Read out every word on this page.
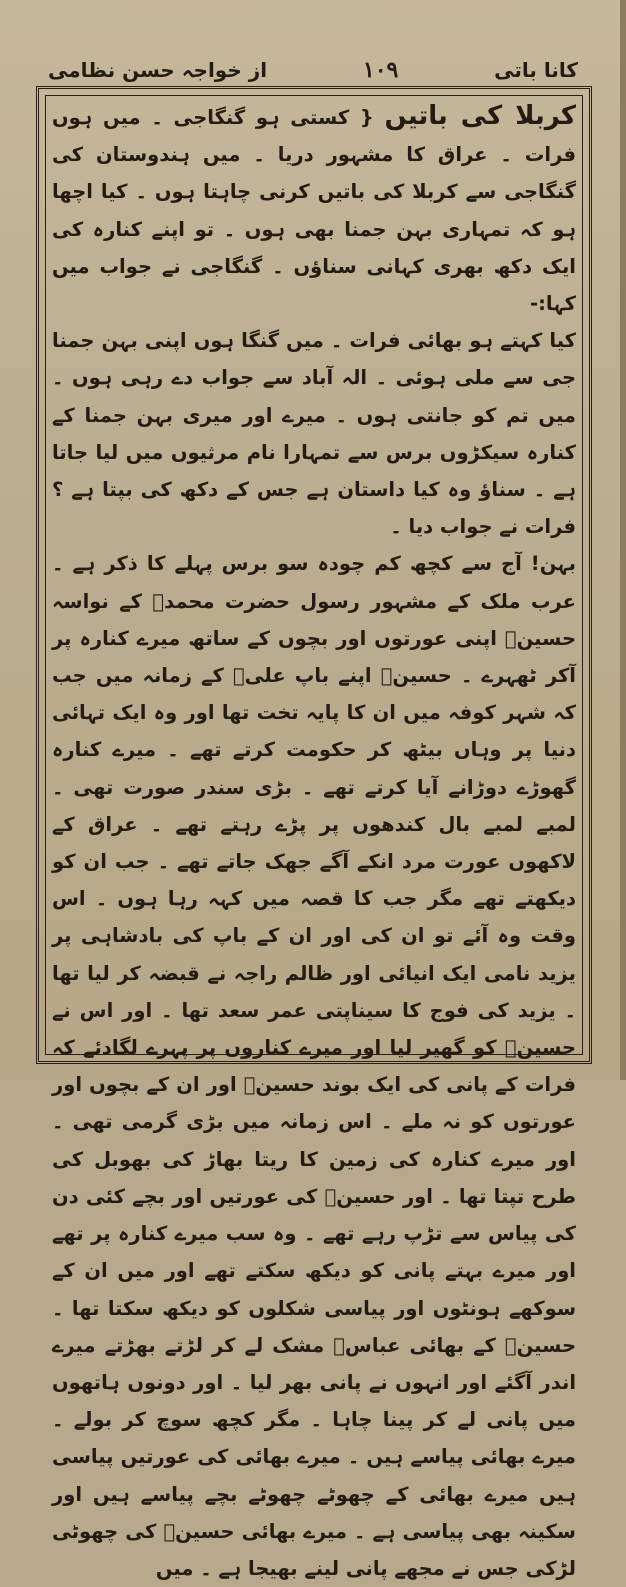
کانا باتی
۱۰۹
از خواجہ حسن نظامی

کربلا کی باتیں { کستی ہو گنگاجی ۔ میں ہوں فرات ۔ عراق کا مشہور دریا ۔ میں ہندوستان کی گنگاجی سے کربلا کی باتیں کرنی چاہتا ہوں ۔ کیا اچھا ہو کہ تمہاری بہن جمنا بھی ہوں ۔ تو اپنے کنارہ کی ایک دکھ بھری کہانی سناؤں ۔ گنگاجی نے جواب میں کہا:-

کیا کہتے ہو بھائی فرات ۔ میں گنگا ہوں اپنی بہن جمنا جی سے ملی ہوئی ۔ الہ آباد سے جواب دے رہی ہوں ۔ میں تم کو جانتی ہوں ۔ میرے اور میری بہن جمنا کے کنارہ سیکڑوں برس سے تمہارا نام مرثیوں میں لیا جاتا ہے ۔ سناؤ وہ کیا داستان ہے جس کے دکھ کی بپتا ہے ؟ فرات نے جواب دیا ۔

بہن! آج سے کچھ کم چودہ سو برس پہلے کا ذکر ہے ۔ عرب ملک کے مشہور رسول حضرت محمدؐ کے نواسہ حسینؓ اپنی عورتوں اور بچوں کے ساتھ میرے کنارہ پر آکر ٹھہرے ۔ حسینؓ اپنے باپ علیؓ کے زمانہ میں جب کہ شہر کوفہ میں ان کا پایہ تخت تھا اور وہ ایک تہائی دنیا پر وہاں بیٹھ کر حکومت کرتے تھے ۔ میرے کنارہ گھوڑے دوڑانے آیا کرتے تھے ۔ بڑی سندر صورت تھی ۔ لمبے لمبے بال کندھوں پر پڑے رہتے تھے ۔ عراق کے لاکھوں عورت مرد انکے آگے جھک جاتے تھے ۔ جب ان کو دیکھتے تھے مگر جب کا قصہ میں کہہ رہا ہوں ۔ اس وقت وہ آئے تو ان کی اور ان کے باپ کی بادشاہی پر یزید نامی ایک انیائی اور ظالم راجہ نے قبضہ کر لیا تھا ۔ یزید کی فوج کا سیناپتی عمر سعد تھا ۔ اور اس نے حسینؓ کو گھیر لیا اور میرے کناروں پر پہرے لگادئے کہ فرات کے پانی کی ایک بوند حسینؓ اور ان کے بچوں اور عورتوں کو نہ ملے ۔ اس زمانہ میں بڑی گرمی تھی ۔ اور میرے کنارہ کی زمین کا ریتا بھاڑ کی بھوبل کی طرح تپتا تھا ۔ اور حسینؓ کی عورتیں اور بچے کئی دن کی پیاس سے تڑپ رہے تھے ۔ وہ سب میرے کنارہ پر تھے اور میرے بہتے پانی کو دیکھ سکتے تھے اور میں ان کے سوکھے ہونٹوں اور پیاسی شکلوں کو دیکھ سکتا تھا ۔ حسینؓ کے بھائی عباسؓ مشک لے کر لڑتے بھڑتے میرے اندر آگئے اور انہوں نے پانی بھر لیا ۔ اور دونوں ہاتھوں میں پانی لے کر پینا چاہا ۔ مگر کچھ سوچ کر بولے ۔ میرے بھائی پیاسے ہیں ۔ میرے بھائی کی عورتیں پیاسی ہیں میرے بھائی کے چھوٹے چھوٹے بچے پیاسے ہیں اور سکینہ بھی پیاسی ہے ۔ میرے بھائی حسینؓ کی چھوٹی لڑکی جس نے مجھے پانی لینے بھیجا ہے ۔ میں
